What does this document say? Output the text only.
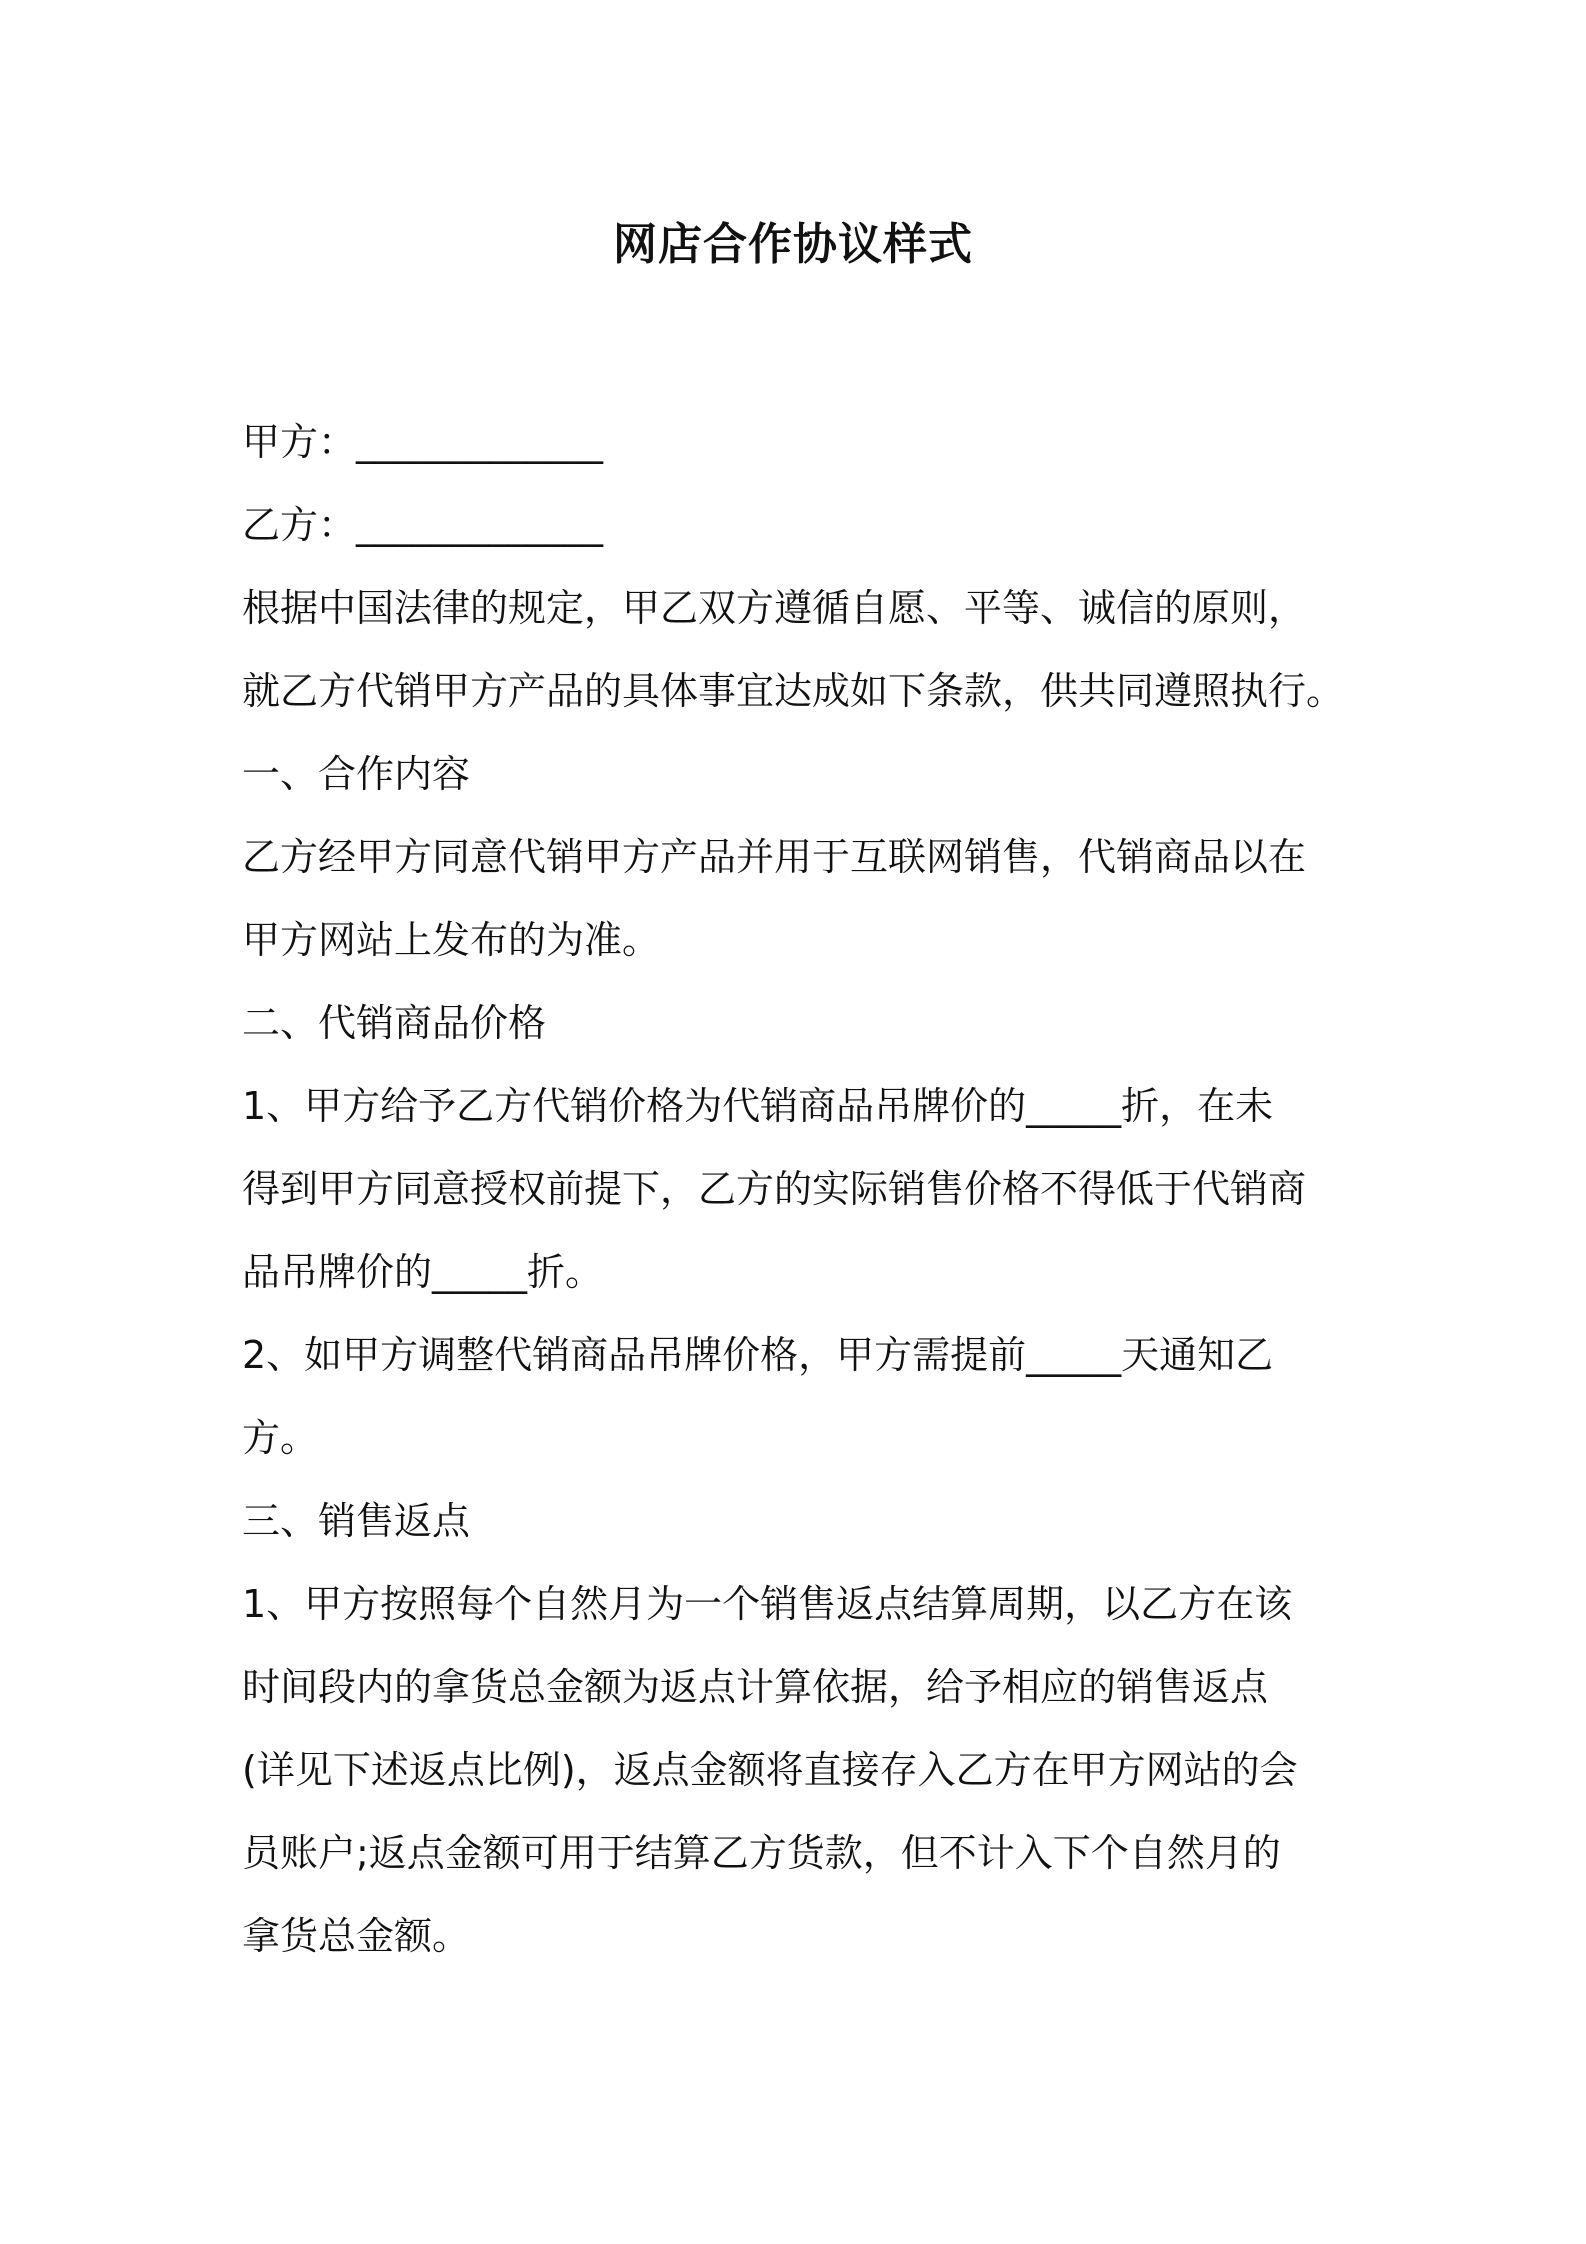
网店合作协议样式
甲方：_____________
乙方：_____________
根据中国法律的规定，甲乙双方遵循自愿、平等、诚信的原则，
就乙方代销甲方产品的具体事宜达成如下条款，供共同遵照执行。
一、合作内容
乙方经甲方同意代销甲方产品并用于互联网销售，代销商品以在
甲方网站上发布的为准。
二、代销商品价格
1、甲方给予乙方代销价格为代销商品吊牌价的_____折，在未
得到甲方同意授权前提下，乙方的实际销售价格不得低于代销商
品吊牌价的_____折。
2、如甲方调整代销商品吊牌价格，甲方需提前_____天通知乙
方。
三、销售返点
1、甲方按照每个自然月为一个销售返点结算周期，以乙方在该
时间段内的拿货总金额为返点计算依据，给予相应的销售返点
(详见下述返点比例)，返点金额将直接存入乙方在甲方网站的会
员账户;返点金额可用于结算乙方货款，但不计入下个自然月的
拿货总金额。
